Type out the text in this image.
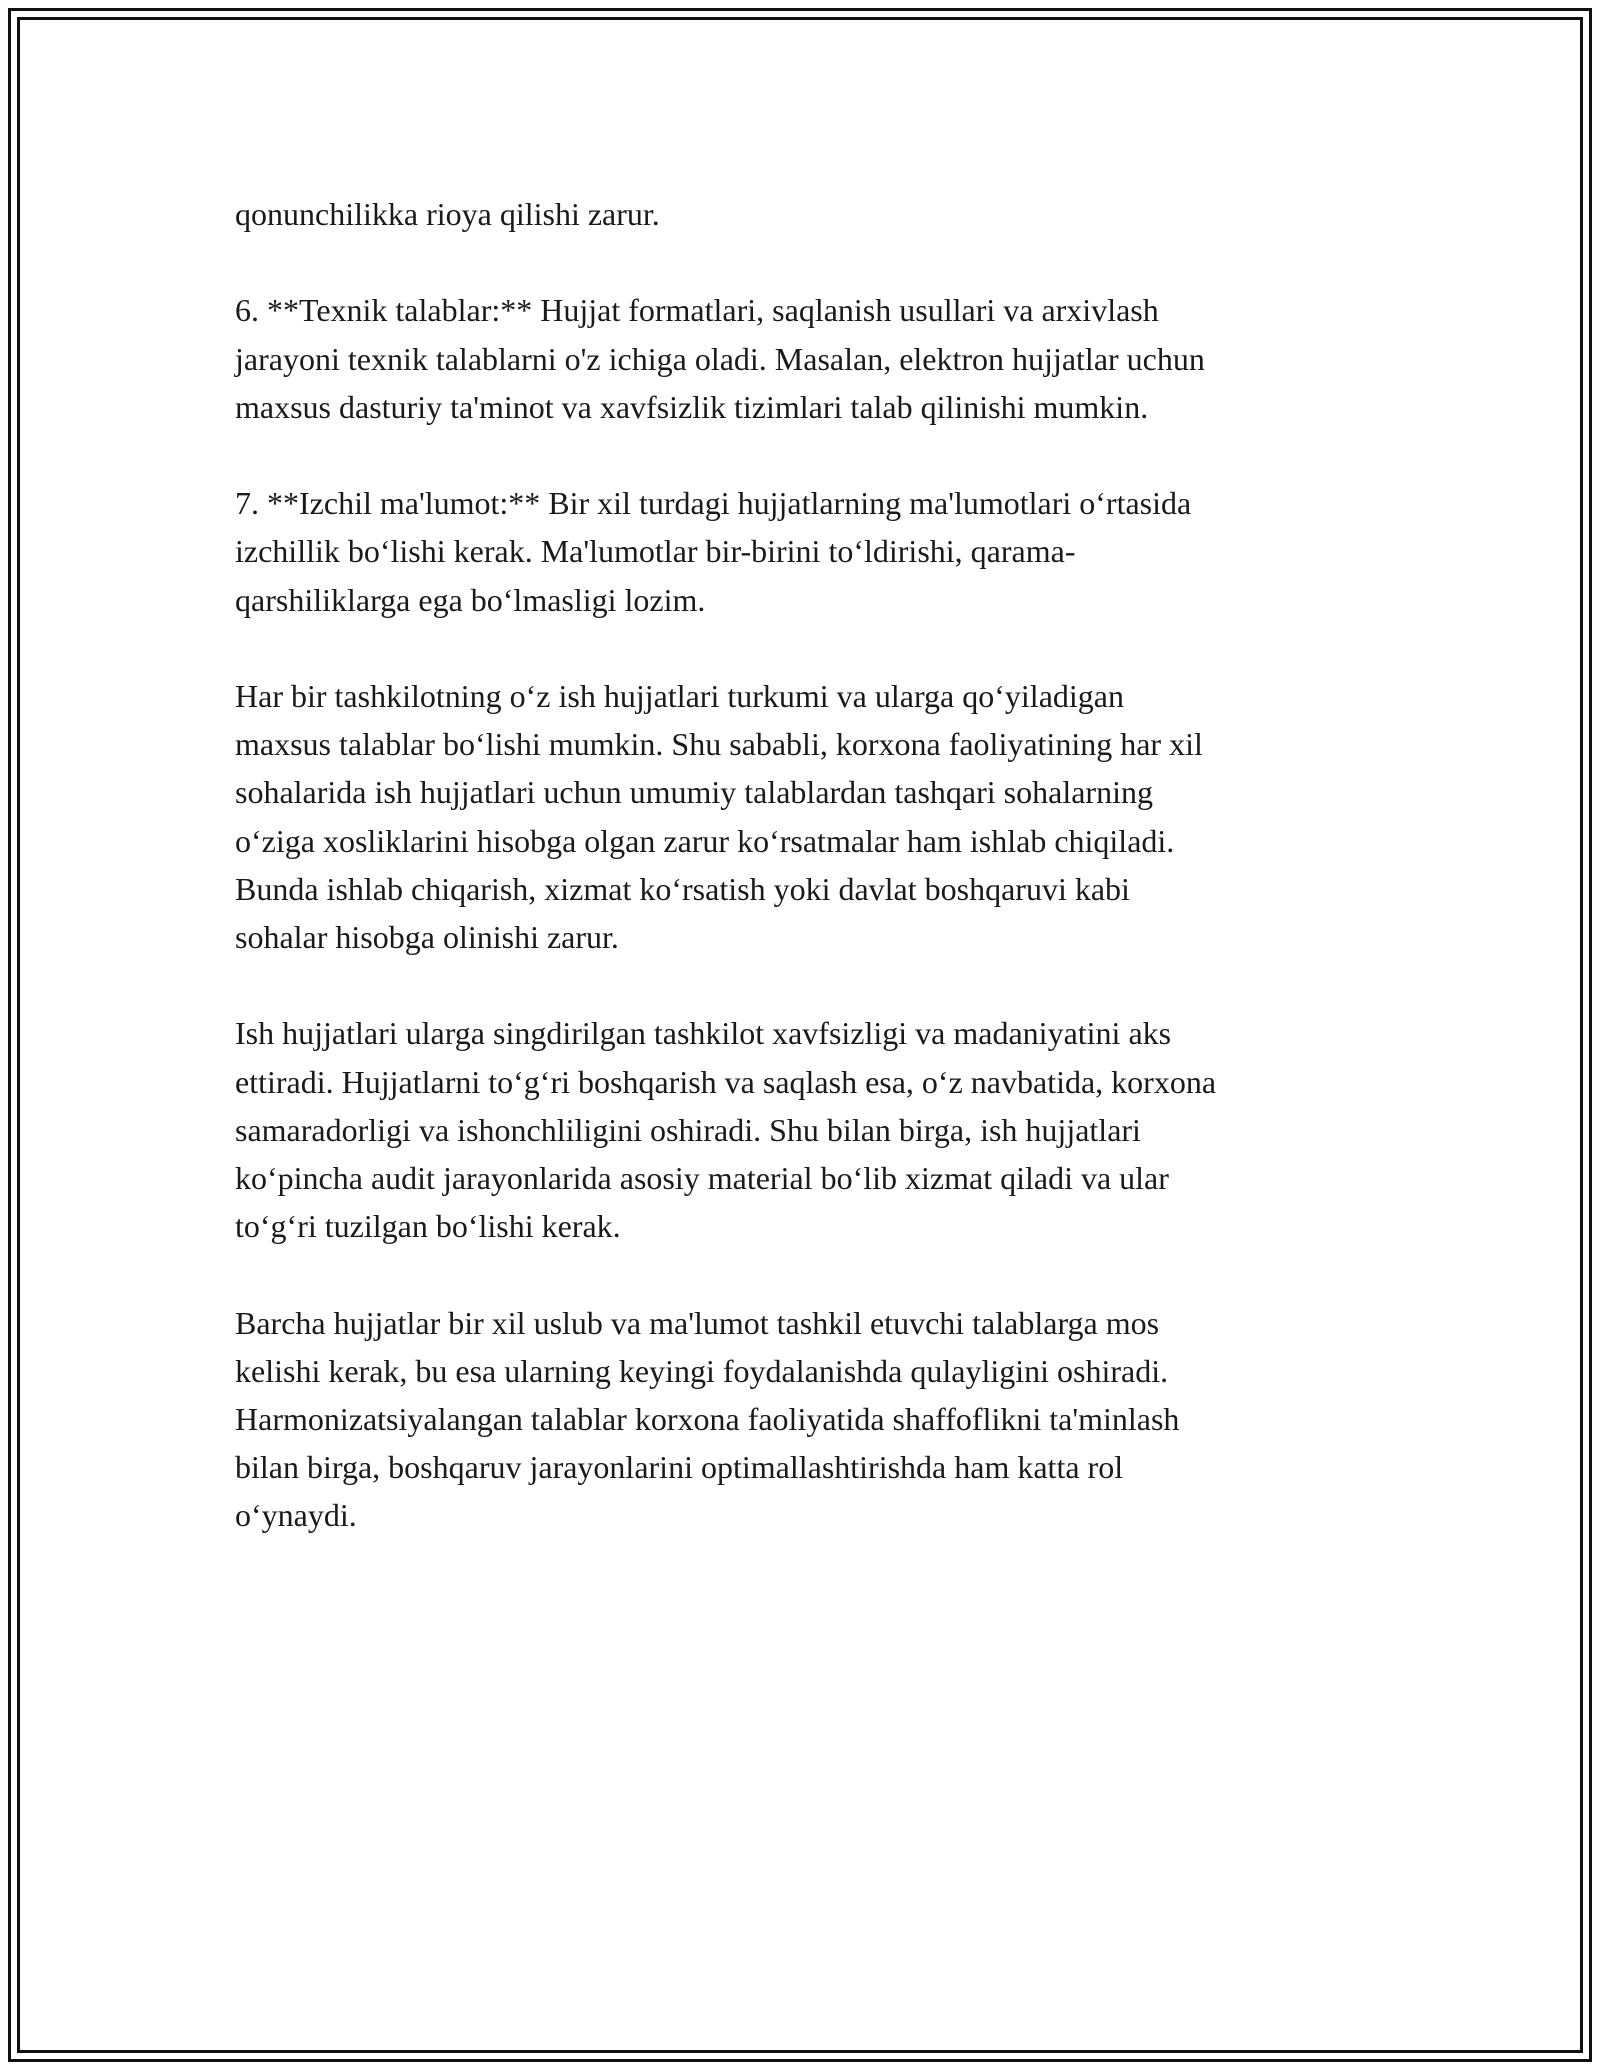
qonunchilikka rioya qilishi zarur.

6. **Texnik talablar:** Hujjat formatlari, saqlanish usullari va arxivlash
jarayoni texnik talablarni o'z ichiga oladi. Masalan, elektron hujjatlar uchun
maxsus dasturiy ta'minot va xavfsizlik tizimlari talab qilinishi mumkin.

7. **Izchil ma'lumot:** Bir xil turdagi hujjatlarning ma'lumotlari o‘rtasida
izchillik bo‘lishi kerak. Ma'lumotlar bir-birini to‘ldirishi, qarama-
qarshiliklarga ega bo‘lmasligi lozim.

Har bir tashkilotning o‘z ish hujjatlari turkumi va ularga qo‘yiladigan
maxsus talablar bo‘lishi mumkin. Shu sababli, korxona faoliyatining har xil
sohalarida ish hujjatlari uchun umumiy talablardan tashqari sohalarning
o‘ziga xosliklarini hisobga olgan zarur ko‘rsatmalar ham ishlab chiqiladi.
Bunda ishlab chiqarish, xizmat ko‘rsatish yoki davlat boshqaruvi kabi
sohalar hisobga olinishi zarur.

Ish hujjatlari ularga singdirilgan tashkilot xavfsizligi va madaniyatini aks
ettiradi. Hujjatlarni to‘g‘ri boshqarish va saqlash esa, o‘z navbatida, korxona
samaradorligi va ishonchliligini oshiradi. Shu bilan birga, ish hujjatlari
ko‘pincha audit jarayonlarida asosiy material bo‘lib xizmat qiladi va ular
to‘g‘ri tuzilgan bo‘lishi kerak.

Barcha hujjatlar bir xil uslub va ma'lumot tashkil etuvchi talablarga mos
kelishi kerak, bu esa ularning keyingi foydalanishda qulayligini oshiradi.
Harmonizatsiyalangan talablar korxona faoliyatida shaffoflikni ta'minlash
bilan birga, boshqaruv jarayonlarini optimallashtirishda ham katta rol
o‘ynaydi.
